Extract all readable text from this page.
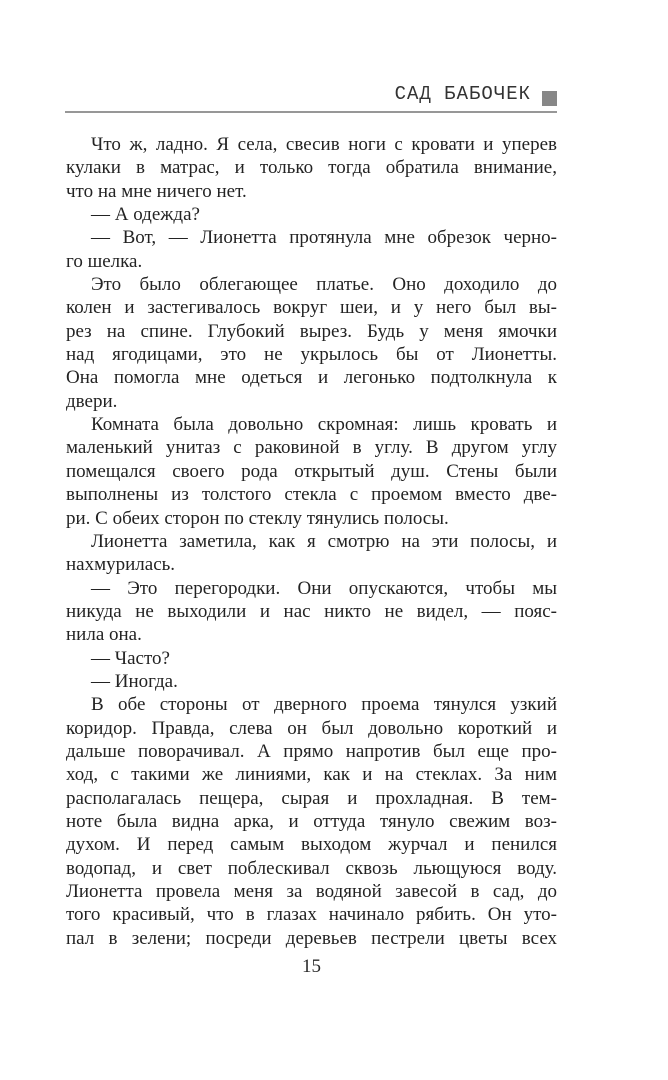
САД БАБОЧЕК
Что ж, ладно. Я села, свесив ноги с кровати и уперев
кулаки в матрас, и только тогда обратила внимание,
что на мне ничего нет.
— А одежда?
— Вот, — Лионетта протянула мне обрезок черно-
го шелка.
Это было облегающее платье. Оно доходило до
колен и застегивалось вокруг шеи, и у него был вы-
рез на спине. Глубокий вырез. Будь у меня ямочки
над ягодицами, это не укрылось бы от Лионетты.
Она помогла мне одеться и легонько подтолкнула к
двери.
Комната была довольно скромная: лишь кровать и
маленький унитаз с раковиной в углу. В другом углу
помещался своего рода открытый душ. Стены были
выполнены из толстого стекла с проемом вместо две-
ри. С обеих сторон по стеклу тянулись полосы.
Лионетта заметила, как я смотрю на эти полосы, и
нахмурилась.
— Это перегородки. Они опускаются, чтобы мы
никуда не выходили и нас никто не видел, — пояс-
нила она.
— Часто?
— Иногда.
В обе стороны от дверного проема тянулся узкий
коридор. Правда, слева он был довольно короткий и
дальше поворачивал. А прямо напротив был еще про-
ход, с такими же линиями, как и на стеклах. За ним
располагалась пещера, сырая и прохладная. В тем-
ноте была видна арка, и оттуда тянуло свежим воз-
духом. И перед самым выходом журчал и пенился
водопад, и свет поблескивал сквозь льющуюся воду.
Лионетта провела меня за водяной завесой в сад, до
того красивый, что в глазах начинало рябить. Он уто-
пал в зелени; посреди деревьев пестрели цветы всех
15
